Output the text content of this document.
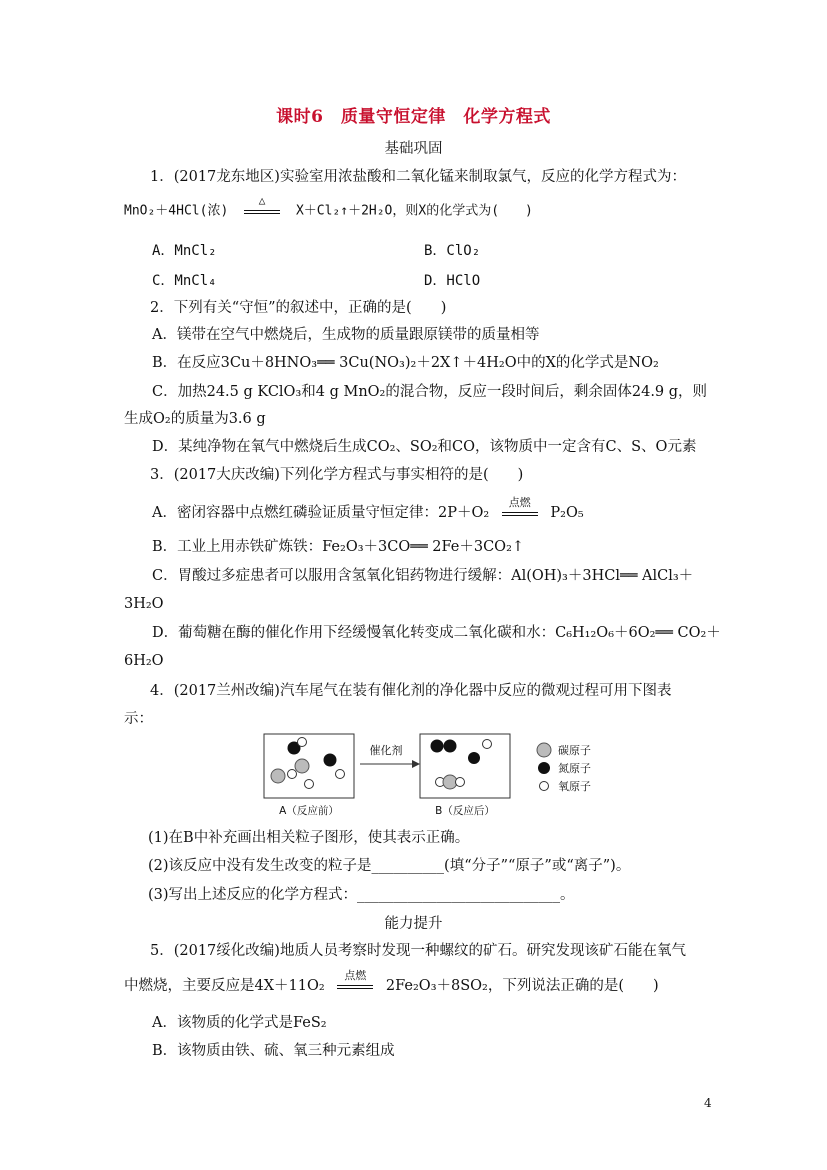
课时6　质量守恒定律　化学方程式
基础巩固
1．(2017龙东地区)实验室用浓盐酸和二氧化锰来制取氯气，反应的化学方程式为：
MnO₂＋4HCl(浓)
△
X＋Cl₂↑＋2H₂O，则X的化学式为(　　)
A．MnCl₂	B．ClO₂
C．MnCl₄	D．HClO
2．下列有关“守恒”的叙述中，正确的是(　　)
A．镁带在空气中燃烧后，生成物的质量跟原镁带的质量相等
B．在反应3Cu＋8HNO₃══ 3Cu(NO₃)₂＋2X↑＋4H₂O中的X的化学式是NO₂
C．加热24.5 g KClO₃和4 g MnO₂的混合物，反应一段时间后，剩余固体24.9 g，则
生成O₂的质量为3.6 g
D．某纯净物在氧气中燃烧后生成CO₂、SO₂和CO，该物质中一定含有C、S、O元素
3．(2017大庆改编)下列化学方程式与事实相符的是(　　)
A．密闭容器中点燃红磷验证质量守恒定律：2P＋O₂
点燃
P₂O₅
B．工业上用赤铁矿炼铁：Fe₂O₃＋3CO══ 2Fe＋3CO₂↑
C．胃酸过多症患者可以服用含氢氧化铝药物进行缓解：Al(OH)₃＋3HCl══ AlCl₃＋
3H₂O
D．葡萄糖在酶的催化作用下经缓慢氧化转变成二氧化碳和水：C₆H₁₂O₆＋6O₂══ CO₂＋
6H₂O
4．(2017兰州改编)汽车尾气在装有催化剂的净化器中反应的微观过程可用下图表
示：
催化剂
A（反应前）	B（反应后）
碳原子
氮原子
氧原子
(1)在B中补充画出相关粒子图形，使其表示正确。
(2)该反应中没有发生改变的粒子是__________(填“分子”“原子”或“离子”)。
(3)写出上述反应的化学方程式：____________________________。
能力提升
5．(2017绥化改编)地质人员考察时发现一种螺纹的矿石。研究发现该矿石能在氧气
中燃烧，主要反应是4X＋11O₂
点燃
2Fe₂O₃＋8SO₂，下列说法正确的是(　　)
A．该物质的化学式是FeS₂
B．该物质由铁、硫、氧三种元素组成
4
